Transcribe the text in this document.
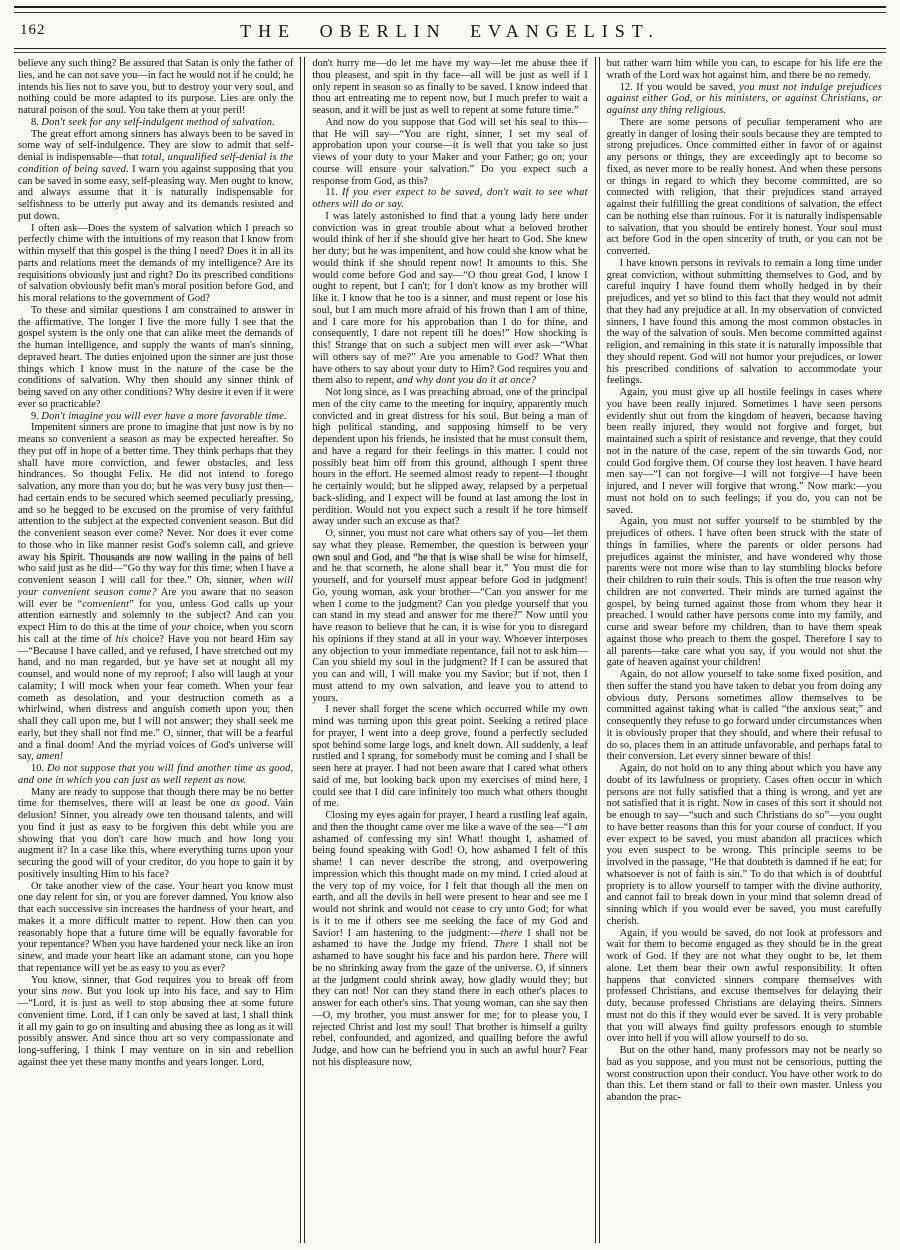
162	THE OBERLIN EVANGELIST.

believe any such thing? Be assured that Satan is only the father of lies, and he can not save you—in fact he would not if he could; he intends his lies not to save you, but to destroy your very soul, and nothing could be more adapted to its purpose. Lies are only the natural poison of the soul. You take them at your peril!

8. Don't seek for any self-indulgent method of salvation.

The great effort among sinners has always been to be saved in some way of self-indulgence. They are slow to admit that self-denial is indispensable—that total, unqualified self-denial is the condition of being saved. I warn you against supposing that you can be saved in some easy, self-pleasing way. Men ought to know, and always assume that it is naturally indispensable for selfishness to be utterly put away and its demands resisted and put down.

I often ask—Does the system of salvation which I preach so perfectly chime with the intuitions of my reason that I know from within myself that this gospel is the thing I need? Does it in all its parts and relations meet the demands of my intelligence? Are its requisitions obviously just and right? Do its prescribed conditions of salvation obviously befit man's moral position before God, and his moral relations to the government of God?

To these and similar questions I am constrained to answer in the affirmative. The longer I live the more fully I see that the gospel system is the only one that can alike meet the demands of the human intelligence, and supply the wants of man's sinning, depraved heart. The duties enjoined upon the sinner are just those things which I know must in the nature of the case be the conditions of salvation. Why then should any sinner think of being saved on any other conditions? Why desire it even if it were ever so practicable?

9. Don't imagine you will ever have a more favorable time.

Impenitent sinners are prone to imagine that just now is by no means so convenient a season as may be expected hereafter. So they put off in hope of a better time. They think perhaps that they shall have more conviction, and fewer obstacles, and less hindrances. So thought Felix. He did not intend to forego salvation, any more than you do; but he was very busy just then—had certain ends to be secured which seemed peculiarly pressing, and so he begged to be excused on the promise of very faithful attention to the subject at the expected convenient season. But did the convenient season ever come? Never. Nor does it ever come to those who in like manner resist God's solemn call, and grieve away his Spirit. Thousands are now wailing in the pains of hell who said just as he did—“Go thy way for this time; when I have a convenient season I will call for thee.” Oh, sinner, when will your convenient season come? Are you aware that no season will ever be “convenient” for you, unless God calls up your attention earnestly and solemnly to the subject? And can you expect Him to do this at the time of your choice, when you scorn his call at the time of his choice? Have you not heard Him say—“Because I have called, and ye refused, I have stretched out my hand, and no man regarded, but ye have set at nought all my counsel, and would none of my reproof; I also will laugh at your calamity; I will mock when your fear cometh. When your fear cometh as desolation, and your destruction cometh as a whirlwind, when distress and anguish cometh upon you; then shall they call upon me, but I will not answer; they shall seek me early, but they shall not find me.” O, sinner, that will be a fearful and a final doom! And the myriad voices of God's universe will say, amen!

10. Do not suppose that you will find another time as good, and one in which you can just as well repent as now.

Many are ready to suppose that though there may be no better time for themselves, there will at least be one as good. Vain delusion! Sinner, you already owe ten thousand talents, and will you find it just as easy to be forgiven this debt while you are showing that you don't care how much and how long you augment it? In a case like this, where everything turns upon your securing the good will of your creditor, do you hope to gain it by positively insulting Him to his face?

Or take another view of the case. Your heart you know must one day relent for sin, or you are forever damned. You know also that each successive sin increases the hardness of your heart, and makes it a more difficult matter to repent. How then can you reasonably hope that a future time will be equally favorable for your repentance? When you have hardened your neck like an iron sinew, and made your heart like an adamant stone, can you hope that repentance will yet be as easy to you as ever?

You know, sinner, that God requires you to break off from your sins now. But you look up into his face, and say to Him—“Lord, it is just as well to stop abusing thee at some future convenient time. Lord, if I can only be saved at last, I shall think it all my gain to go on insulting and abusing thee as long as it will possibly answer. And since thou art so very compassionate and long-suffering, I think I may venture on in sin and rebellion against thee yet these many months and years longer. Lord,

don't hurry me—do let me have my way—let me abuse thee if thou pleasest, and spit in thy face—all will be just as well if I only repent in season so as finally to be saved. I know indeed that thou art entreating me to repent now, but I much prefer to wait a season, and it will be just as well to repent at some future time.”

And now do you suppose that God will set his seal to this—that He will say—“You are right, sinner, I set my seal of approbation upon your course—it is well that you take so just views of your duty to your Maker and your Father; go on; your course will ensure your salvation.” Do you expect such a response from God, as this?

11. If you ever expect to be saved, don't wait to see what others will do or say.

I was lately astonished to find that a young lady here under conviction was in great trouble about what a beloved brother would think of her if she should give her heart to God. She knew her duty; but he was impenitent, and how could she know what he would think if she should repent now! It amounts to this. She would come before God and say—“O thou great God, I know I ought to repent, but I can't; for I don't know as my brother will like it. I know that he too is a sinner, and must repent or lose his soul, but I am much more afraid of his frown than I am of thine, and I care more for his approbation than I do for thine, and consequently, I dare not repent till he does!” How shocking is this! Strange that on such a subject men will ever ask—“What will others say of me?” Are you amenable to God? What then have others to say about your duty to Him? God requires you and them also to repent, and why dont you do it at once?

Not long since, as I was preaching abroad, one of the principal men of the city came to the meeting for inquiry, apparently much convicted and in great distress for his soul. But being a man of high political standing, and supposing himself to be very dependent upon his friends, he insisted that he must consult them, and have a regard for their feelings in this matter. I could not possibly beat him off from this ground, although I spent three hours in the effort. He seemed almost ready to repent—I thought he certainly would; but he slipped away, relapsed by a perpetual back-sliding, and I expect will be found at last among the lost in perdition. Would not you expect such a result if he tore himself away under such an excuse as that?

O, sinner, you must not care what others say of you—let them say what they please. Remember, the question is between your own soul and God, and “he that is wise shall be wise for himself, and he that scorneth, he alone shall bear it.” You must die for yourself, and for yourself must appear before God in judgment! Go, young woman, ask your brother—“Can you answer for me when I come to the judgment? Can you pledge yourself that you can stand in my stead and answer for me there?” Now until you have reason to believe that he can, it is wise for you to disregard his opinions if they stand at all in your way. Whoever interposes any objection to your immediate repentance, fail not to ask him—Can you shield my soul in the judgment? If I can be assured that you can and will, I will make you my Savior; but if not, then I must attend to my own salvation, and leave you to attend to yours.

I never shall forget the scene which occurred while my own mind was turning upon this great point. Seeking a retired place for prayer, I went into a deep grove, found a perfectly secluded spot behind some large logs, and knelt down. All suddenly, a leaf rustled and I sprang, for somebody must be coming and I shall be seen here at prayer. I had not been aware that I cared what others said of me, but looking back upon my exercises of mind here, I could see that I did care infinitely too much what others thought of me.

Closing my eyes again for prayer, I heard a rustling leaf again, and then the thought came over me like a wave of the sea—“I am ashamed of confessing my sin! What! thought I, ashamed of being found speaking with God! O, how ashamed I felt of this shame! I can never describe the strong, and overpowering impression which this thought made on my mind. I cried aloud at the very top of my voice, for I felt that though all the men on earth, and all the devils in hell were present to hear and see me I would not shrink and would not cease to cry unto God; for what is it to me if others see me seeking the face of my God and Savior! I am hastening to the judgment:—there I shall not be ashamed to have the Judge my friend. There I shall not be ashamed to have sought his face and his pardon here. There will be no shrinking away from the gaze of the universe. O, if sinners at the judgment could shrink away, how gladly would they; but they can not! Nor can they stand there in each other's places to answer for each other's sins. That young woman, can she say then—O, my brother, you must answer for me; for to please you, I rejected Christ and lost my soul! That brother is himself a guilty rebel, confounded, and agonized, and quailing before the awful Judge, and how can he befriend you in such an awful hour? Fear not his displeasure now,

but rather warn him while you can, to escape for his life ere the wrath of the Lord wax hot against him, and there be no remedy.

12. If you would be saved, you must not indulge prejudices against either God, or his ministers, or against Christians, or against any thing religious.

There are some persons of peculiar temperament who are greatly in danger of losing their souls because they are tempted to strong prejudices. Once committed either in favor of or against any persons or things, they are exceedingly apt to become so fixed, as never more to be really honest. And when these persons or things in regard to which they become committed, are so connected with religion, that their prejudices stand arrayed against their fulfilling the great conditions of salvation, the effect can be nothing else than ruinous. For it is naturally indispensable to salvation, that you should be entirely honest. Your soul must act before God in the open sincerity of truth, or you can not be converted.

I have known persons in revivals to remain a long time under great conviction, without submitting themselves to God, and by careful inquiry I have found them wholly hedged in by their prejudices, and yet so blind to this fact that they would not admit that they had any prejudice at all. In my observation of convicted sinners, I have found this among the most common obstacles in the way of the salvation of souls. Men become committed against religion, and remaining in this state it is naturally impossible that they should repent. God will not humor your prejudices, or lower his prescribed conditions of salvation to accommodate your feelings.

Again, you must give up all hostile feelings in cases where you have been really injured. Sometimes I have seen persons evidently shut out from the kingdom of heaven, because having been really injured, they would not forgive and forget, but maintained such a spirit of resistance and revenge, that they could not in the nature of the case, repent of the sin towards God, nor could God forgive them. Of course they lost heaven. I have heard men say—“I can not forgive—I will not forgive—I have been injured, and I never will forgive that wrong.” Now mark:—you must not hold on to such feelings; if you do, you can not be saved.

Again, you must not suffer yourself to be stumbled by the prejudices of others. I have often been struck with the state of things in families, where the parents or older persons had prejudices against the minister, and have wondered why those parents were not more wise than to lay stumbling blocks before their children to ruin their souls. This is often the true reason why children are not converted. Their minds are turned against the gospel, by being turned against those from whom they hear it preached. I would rather have persons come into my family, and curse and swear before my children, than to have them speak against those who preach to them the gospel. Therefore I say to all parents—take care what you say, if you would not shut the gate of heaven against your children!

Again, do not allow yourself to take some fixed position, and then suffer the stand you have taken to debar you from doing any obvious duty. Persons sometimes allow themselves to be committed against taking what is called “the anxious seat;” and consequently they refuse to go forward under circumstances when it is obviously proper that they should, and where their refusal to do so, places them in an attitude unfavorable, and perhaps fatal to their conversion. Let every sinner beware of this!

Again, do not hold on to any thing about which you have any doubt of its lawfulness or propriety. Cases often occur in which persons are not fully satisfied that a thing is wrong, and yet are not satisfied that it is right. Now in cases of this sort it should not be enough to say—“such and such Christians do so”—you ought to have better reasons than this for your course of conduct. If you ever expect to be saved, you must abandon all practices which you even suspect to be wrong. This principle seems to be involved in the passage, “He that doubteth is damned if he eat; for whatsoever is not of faith is sin.” To do that which is of doubtful propriety is to allow yourself to tamper with the divine authority, and cannot fail to break down in your mind that solemn dread of sinning which if you would ever be saved, you must carefully cherish.

Again, if you would be saved, do not look at professors and wait for them to become engaged as they should be in the great work of God. If they are not what they ought to be, let them alone. Let them bear their own awful responsibility. It often happens that convicted sinners compare themselves with professed Christians, and excuse themselves for delaying their duty, because professed Christians are delaying theirs. Sinners must not do this if they would ever be saved. It is very probable that you will always find guilty professors enough to stumble over into hell if you will allow yourself to do so.

But on the other hand, many professors may not be nearly so bad as you suppose, and you must not be censorious, putting the worst construction upon their conduct. You have other work to do than this. Let them stand or fall to their own master. Unless you abandon the prac-
